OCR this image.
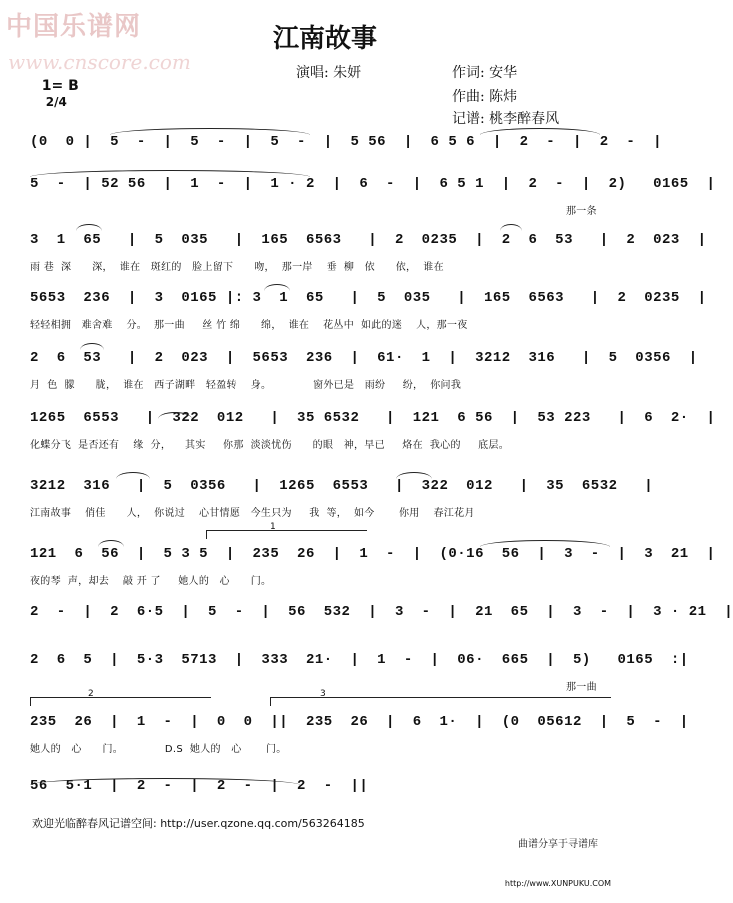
中国乐谱网
www.cnscore.com
江南故事

1= B
2/4

演唱: 朱妍	作词: 安华
作曲: 陈炜
记谱: 桃李醉春风
(0  0 |  5  -  |  5  -  |  5  -  |  5 56  |  6 5 6  |  2  -  |  2  -  |
5  -  | 52 56  |  1  -  |  1 · 2  |  6  -  |  6 5 1  |  2  -  |  2)   0165  |
那一条
3  1  65   |  5  035   |  165  6563   |  2  0235  |  2  6  53   |  2  023  |
雨 巷  深      深，  谁在   斑红的   脸上留下      吻，  那一岸    垂  柳   依      依，  谁在
5653  236  |  3  0165 |: 3  1  65   |  5  035   |  165  6563   |  2  0235  |
轻轻相拥   难舍难    分。  那一曲     丝 竹 绵      绵，  谁在    花丛中  如此的迷    人，那一夜
2  6  53   |  2  023  |  5653  236  |  61·  1  |  3212  316   |  5  0356  |
月  色  朦      胧，  谁在   西子湖畔   轻盈转    身。            窗外已是   雨纷     纷，  你问我
1265  6553   |  322  012   |  35 6532   |  121  6 56  |  53 223   |  6  2·  |
化蝶分飞  是否还有    缘  分，    其实     你那  淡淡忧伤      的眼   神，早已     烙在  我心的     底层。
3212  316   |  5  0356   |  1265  6553   |  322  012   |  35  6532   |
江南故事    俏佳      人，  你说过    心甘情愿   今生只为     我  等，  如今       你用    春江花月
121  6  56  |  5 3 5  |  235  26  |  1  -  |  (0·16  56  |  3  -  |  3  21  |
夜的琴  声，却去    敲 开 了     她人的   心      门。
2  -  |  2  6·5  |  5  -  |  56  532  |  3  -  |  21  65  |  3  -  |  3 · 21  |
2  6  5  |  5·3  5713  |  333  21·  |  1  -  |  06·  665  |  5)   0165  :|
那一曲
235  26  |  1  -  |  0  0  ||  235  26  |  6  1·  |  (0  05612  |  5  -  |
她人的   心      门。            D.S  她人的   心       门。
56  5·1  |  2  -  |  2  -  |  2  -  ||
1
2	3
欢迎光临醉春风记谱空间: http://user.qzone.qq.com/563264185

曲谱分享于寻谱库

http://www.XUNPUKU.COM
